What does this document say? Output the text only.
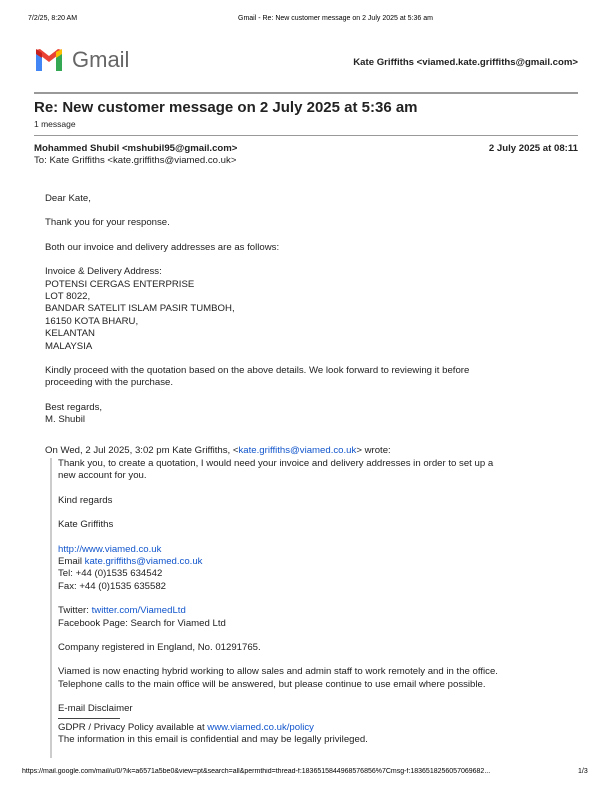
7/2/25, 8:20 AM	Gmail - Re: New customer message on 2 July 2025 at 5:36 am
Gmail	Kate Griffiths <viamed.kate.griffiths@gmail.com>
Re: New customer message on 2 July 2025 at 5:36 am
1 message
Mohammed Shubil <mshubil95@gmail.com>	2 July 2025 at 08:11
To: Kate Griffiths <kate.griffiths@viamed.co.uk>
Dear Kate,
Thank you for your response.
Both our invoice and delivery addresses are as follows:
Invoice & Delivery Address:
POTENSI CERGAS ENTERPRISE
LOT 8022,
BANDAR SATELIT ISLAM PASIR TUMBOH,
16150 KOTA BHARU,
KELANTAN
MALAYSIA
Kindly proceed with the quotation based on the above details. We look forward to reviewing it before
proceeding with the purchase.
Best regards,
M. Shubil
On Wed, 2 Jul 2025, 3:02 pm Kate Griffiths, <kate.griffiths@viamed.co.uk> wrote:
Thank you, to create a quotation, I would need your invoice and delivery addresses in order to set up a
new account for you.
Kind regards
Kate Griffiths
http://www.viamed.co.uk
Email kate.griffiths@viamed.co.uk
Tel: +44 (0)1535 634542
Fax: +44 (0)1535 635582
Twitter: twitter.com/ViamedLtd
Facebook Page: Search for Viamed Ltd
Company registered in England, No. 01291765.
Viamed is now enacting hybrid working to allow sales and admin staff to work remotely and in the office.
Telephone calls to the main office will be answered, but please continue to use email where possible.
E-mail Disclaimer
GDPR / Privacy Policy available at www.viamed.co.uk/policy
The information in this email is confidential and may be legally privileged.
https://mail.google.com/mail/u/0/?ik=a6571a5be0&view=pt&search=all&permthid=thread-f:1836515844968576856%7Cmsg-f:1836518256057069682...	1/3
